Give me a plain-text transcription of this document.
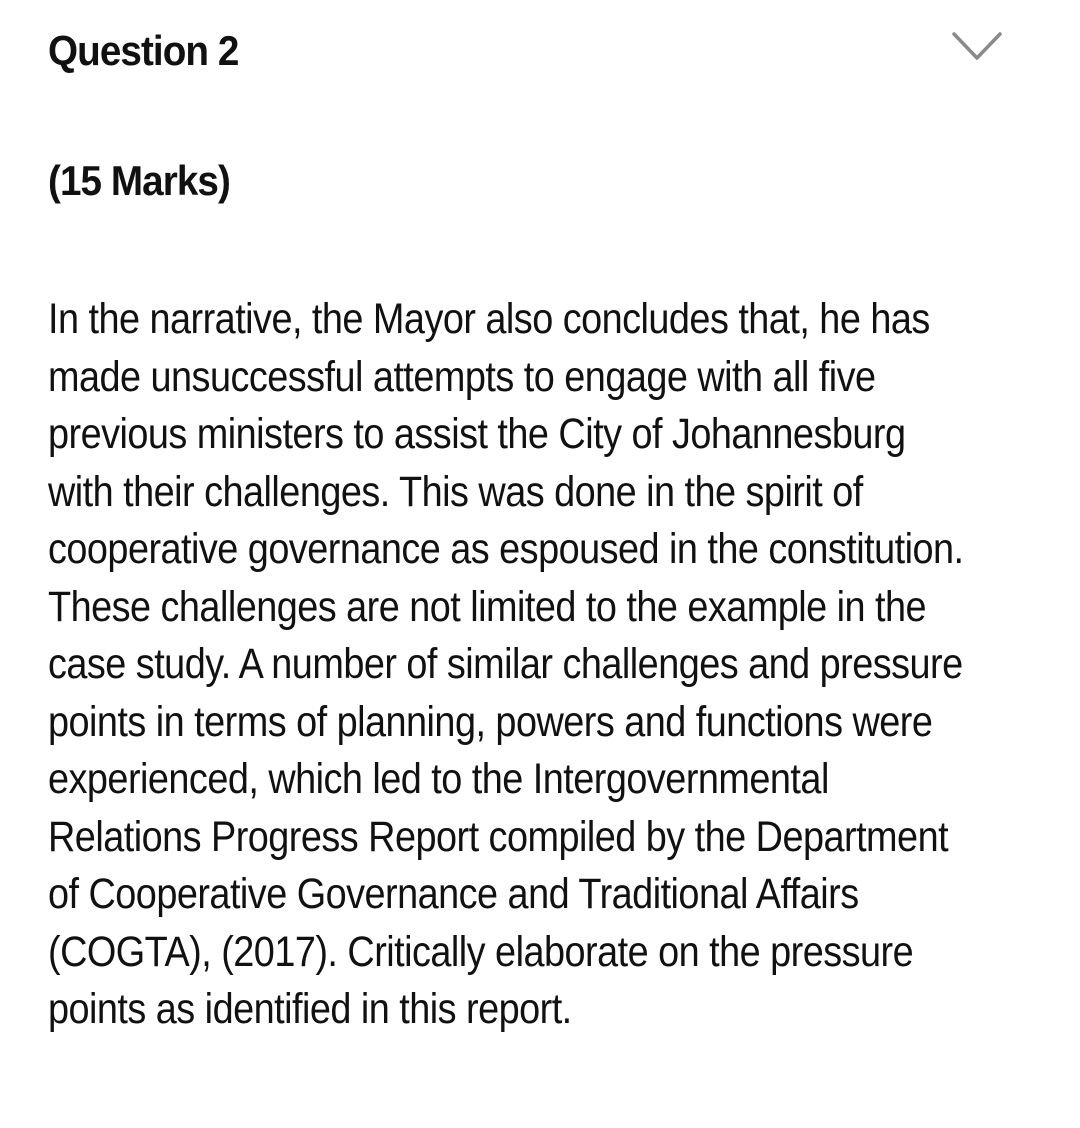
Question 2
(15 Marks)

In the narrative, the Mayor also concludes that, he has
made unsuccessful attempts to engage with all five
previous ministers to assist the City of Johannesburg
with their challenges. This was done in the spirit of
cooperative governance as espoused in the constitution.
These challenges are not limited to the example in the
case study. A number of similar challenges and pressure
points in terms of planning, powers and functions were
experienced, which led to the Intergovernmental
Relations Progress Report compiled by the Department
of Cooperative Governance and Traditional Affairs
(COGTA), (2017). Critically elaborate on the pressure
points as identified in this report.
